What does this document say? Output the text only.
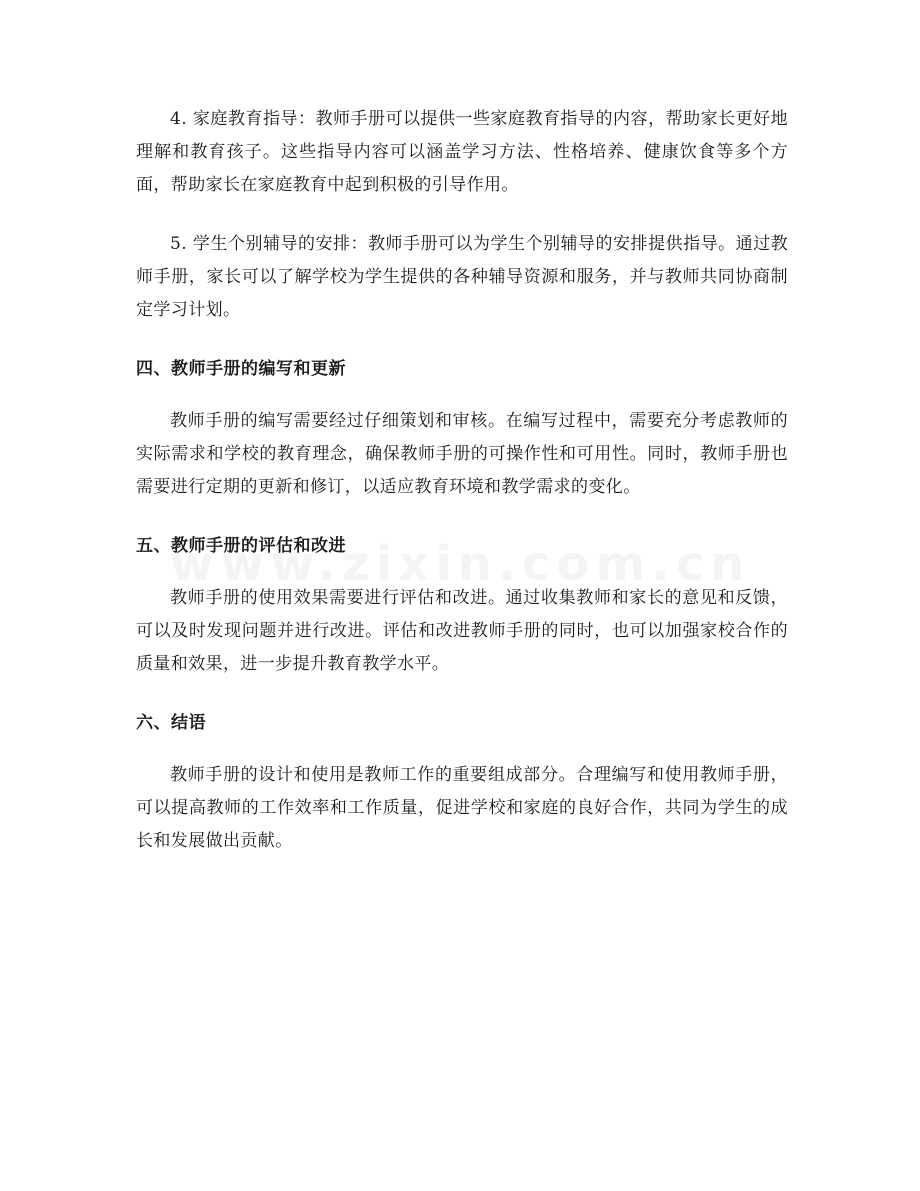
4. 家庭教育指导：教师手册可以提供一些家庭教育指导的内容，帮助家长更好地理解和教育孩子。这些指导内容可以涵盖学习方法、性格培养、健康饮食等多个方面，帮助家长在家庭教育中起到积极的引导作用。

5. 学生个别辅导的安排：教师手册可以为学生个别辅导的安排提供指导。通过教师手册，家长可以了解学校为学生提供的各种辅导资源和服务，并与教师共同协商制定学习计划。

四、教师手册的编写和更新

教师手册的编写需要经过仔细策划和审核。在编写过程中，需要充分考虑教师的实际需求和学校的教育理念，确保教师手册的可操作性和可用性。同时，教师手册也需要进行定期的更新和修订，以适应教育环境和教学需求的变化。

五、教师手册的评估和改进

教师手册的使用效果需要进行评估和改进。通过收集教师和家长的意见和反馈，可以及时发现问题并进行改进。评估和改进教师手册的同时，也可以加强家校合作的质量和效果，进一步提升教育教学水平。

六、结语

教师手册的设计和使用是教师工作的重要组成部分。合理编写和使用教师手册，可以提高教师的工作效率和工作质量，促进学校和家庭的良好合作，共同为学生的成长和发展做出贡献。
